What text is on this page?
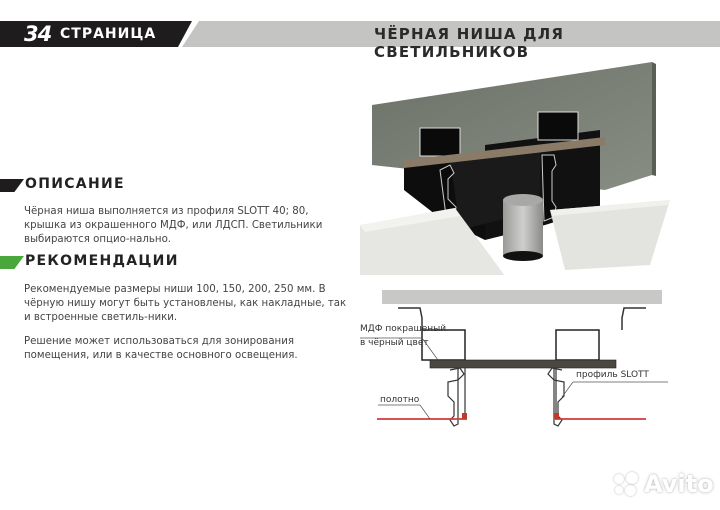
34 СТРАНИЦА	ЧЁРНАЯ НИША ДЛЯ СВЕТИЛЬНИКОВ
ОПИСАНИЕ

Чёрная ниша выполняется из профиля SLOTT 40; 80, крышка из окрашенного МДФ, или ЛДСП. Светильники выбираются опцио-нально.

РЕКОМЕНДАЦИИ

Рекомендуемые размеры ниши 100, 150, 200, 250 мм. В чёрную нишу могут быть установлены, как накладные, так и встроенные светиль-ники.

Решение может использоваться для зонирования помещения, или в качестве основного освещения.

МДФ покрашеный
в чёрный цвет
полотно
профиль SLOTT
Avito
